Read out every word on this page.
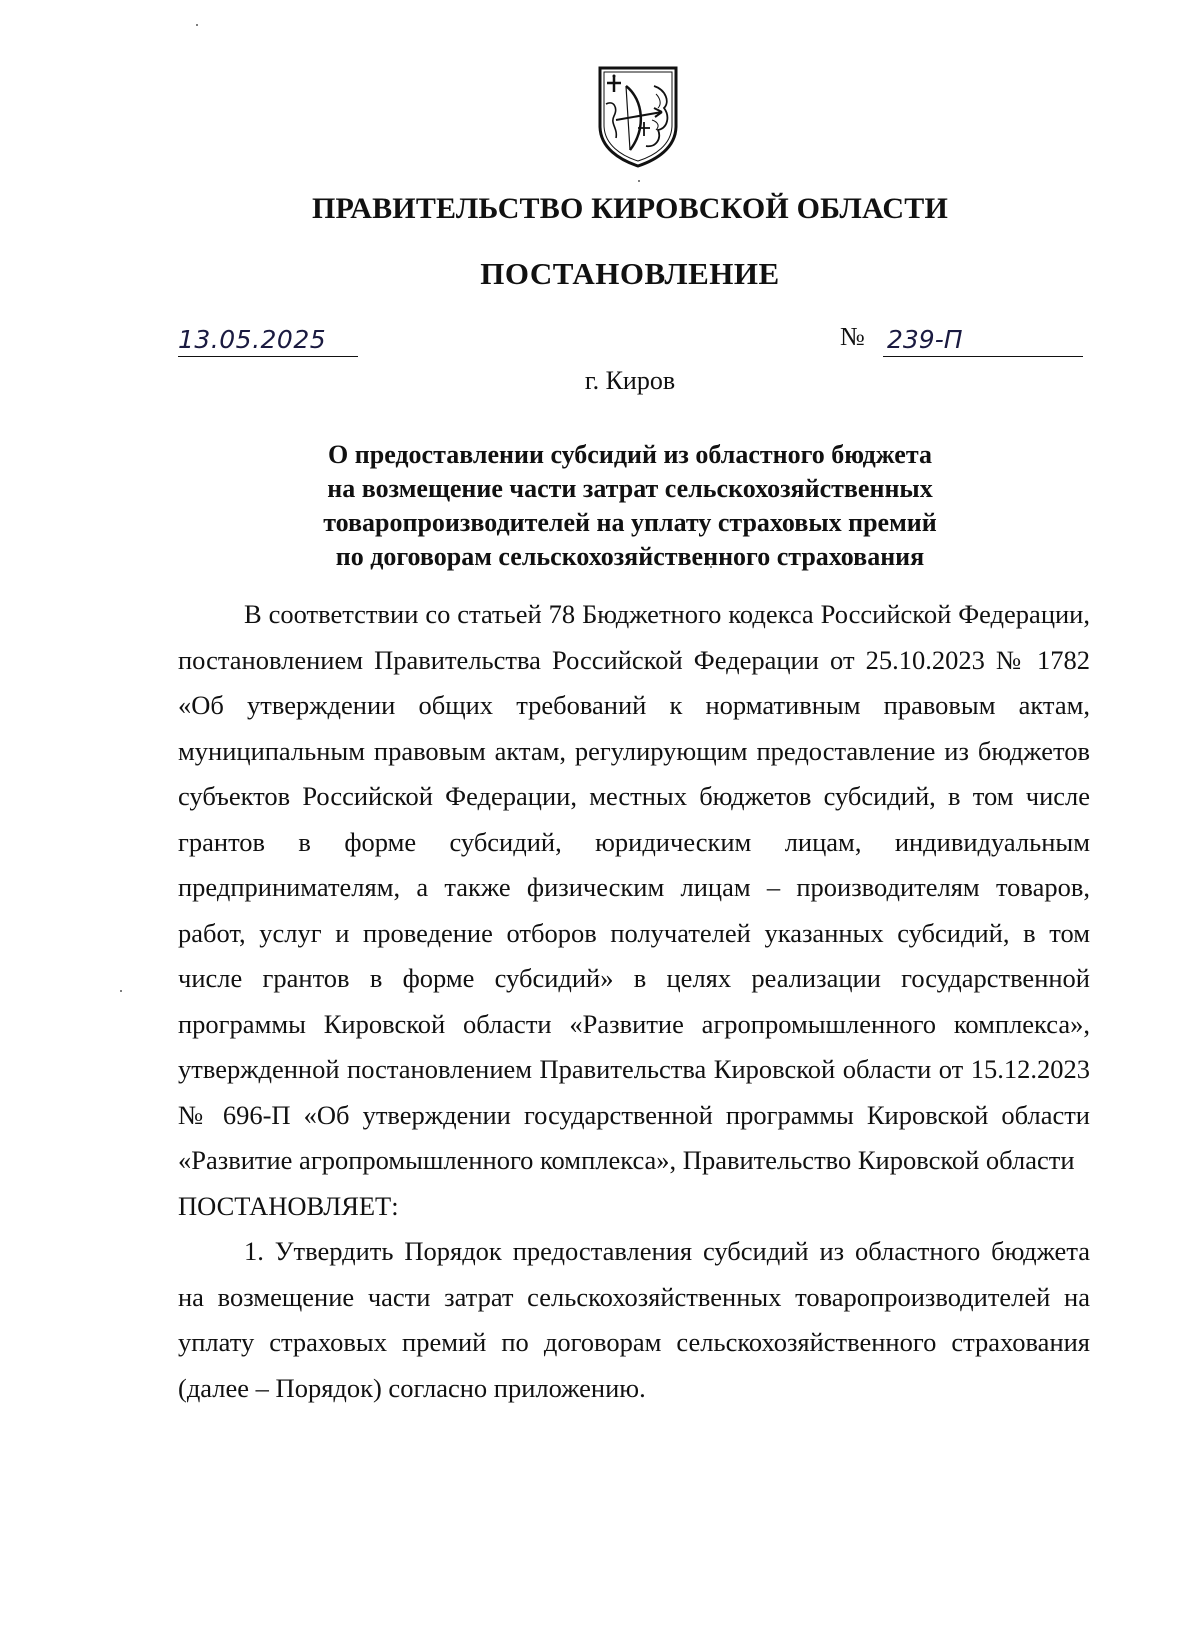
ПРАВИТЕЛЬСТВО КИРОВСКОЙ ОБЛАСТИ
ПОСТАНОВЛЕНИЕ
13.05.2025	№ 239-П
г. Киров
О предоставлении субсидий из областного бюджета
на возмещение части затрат сельскохозяйственных
товаропроизводителей на уплату страховых премий
по договорам сельскохозяйственного страхования

В соответствии со статьей 78 Бюджетного кодекса Российской Федерации, постановлением Правительства Российской Федерации от 25.10.2023 № 1782 «Об утверждении общих требований к нормативным правовым актам, муниципальным правовым актам, регулирующим предоставление из бюджетов субъектов Российской Федерации, местных бюджетов субсидий, в том числе грантов в форме субсидий, юридическим лицам, индивидуальным предпринимателям, а также физическим лицам – производителям товаров, работ, услуг и проведение отборов получателей указанных субсидий, в том числе грантов в форме субсидий» в целях реализации государственной программы Кировской области «Развитие агропромышленного комплекса», утвержденной постановлением Правительства Кировской области от 15.12.2023 № 696-П «Об утверждении государственной программы Кировской области «Развитие агропромышленного комплекса», Правительство Кировской области

ПОСТАНОВЛЯЕТ:

1. Утвердить Порядок предоставления субсидий из областного бюджета на возмещение части затрат сельскохозяйственных товаропроизводителей на уплату страховых премий по договорам сельскохозяйственного страхования (далее – Порядок) согласно приложению.
